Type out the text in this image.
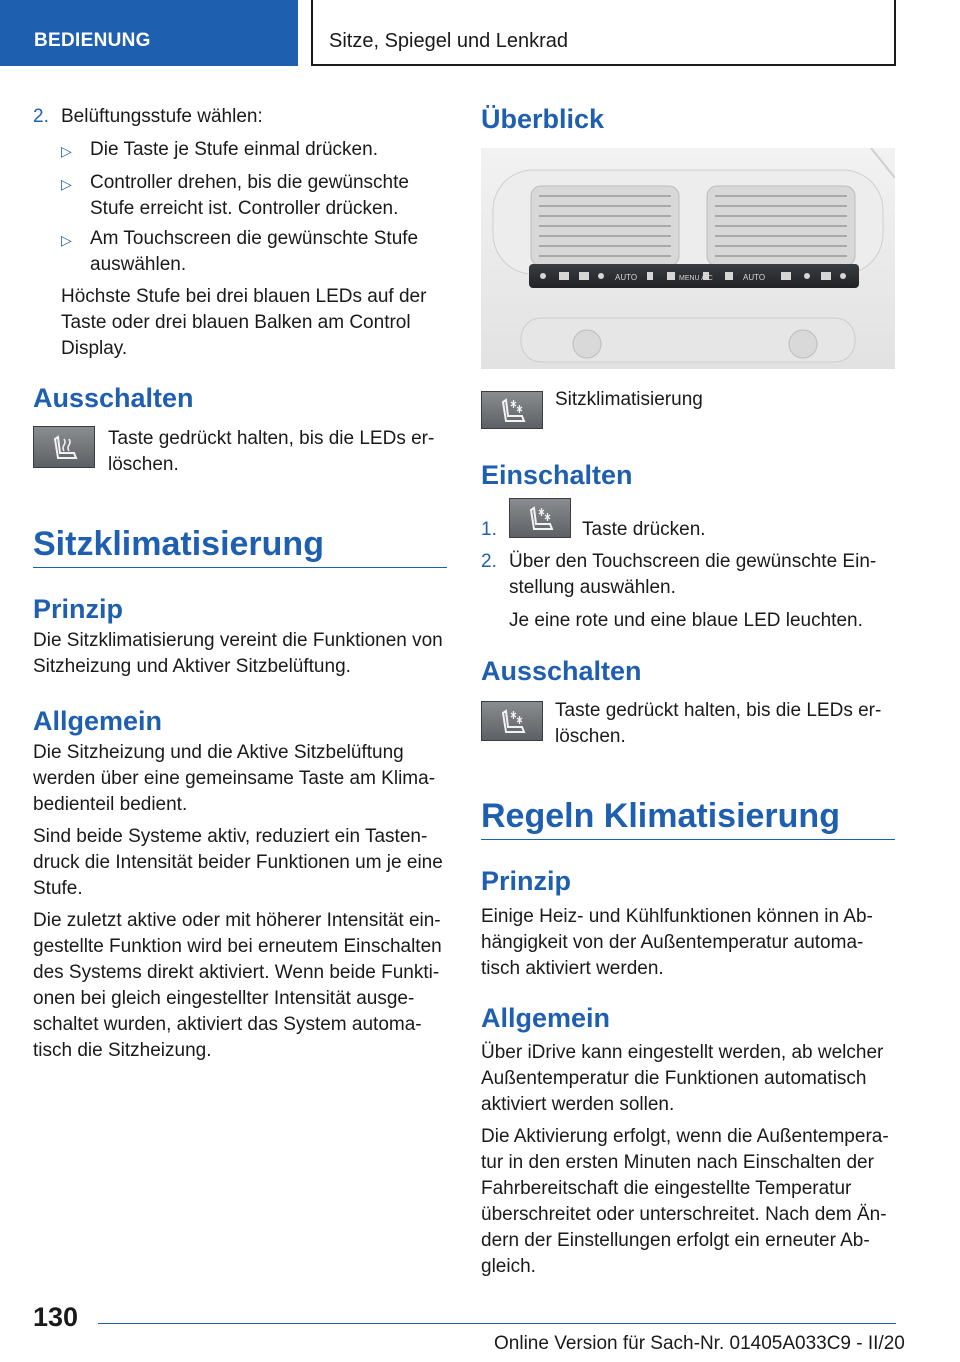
BEDIENUNG	Sitze, Spiegel und Lenkrad
2. Belüftungsstufe wählen:
▷ Die Taste je Stufe einmal drücken.
▷ Controller drehen, bis die gewünschte
Stufe erreicht ist. Controller drücken.
▷ Am Touchscreen die gewünschte Stufe
auswählen.
Höchste Stufe bei drei blauen LEDs auf der
Taste oder drei blauen Balken am Control
Display.
Ausschalten
Taste gedrückt halten, bis die LEDs er-
löschen.
Sitzklimatisierung
Prinzip
Die Sitzklimatisierung vereint die Funktionen von
Sitzheizung und Aktiver Sitzbelüftung.
Allgemein
Die Sitzheizung und die Aktive Sitzbelüftung
werden über eine gemeinsame Taste am Klima-
bedienteil bedient.
Sind beide Systeme aktiv, reduziert ein Tasten-
druck die Intensität beider Funktionen um je eine
Stufe.
Die zuletzt aktive oder mit höherer Intensität ein-
gestellte Funktion wird bei erneutem Einschalten
des Systems direkt aktiviert. Wenn beide Funkti-
onen bei gleich eingestellter Intensität ausge-
schaltet wurden, aktiviert das System automa-
tisch die Sitzheizung.
Überblick
AUTO	MENU A/C	AUTO
Sitzklimatisierung
Einschalten
1.	Taste drücken.
2. Über den Touchscreen die gewünschte Ein-
stellung auswählen.
Je eine rote und eine blaue LED leuchten.
Ausschalten
Taste gedrückt halten, bis die LEDs er-
löschen.
Regeln Klimatisierung
Prinzip
Einige Heiz- und Kühlfunktionen können in Ab-
hängigkeit von der Außentemperatur automa-
tisch aktiviert werden.
Allgemein
Über iDrive kann eingestellt werden, ab welcher
Außentemperatur die Funktionen automatisch
aktiviert werden sollen.
Die Aktivierung erfolgt, wenn die Außentempera-
tur in den ersten Minuten nach Einschalten der
Fahrbereitschaft die eingestellte Temperatur
überschreitet oder unterschreitet. Nach dem Än-
dern der Einstellungen erfolgt ein erneuter Ab-
gleich.
130
Online Version für Sach-Nr. 01405A033C9 - II/20
